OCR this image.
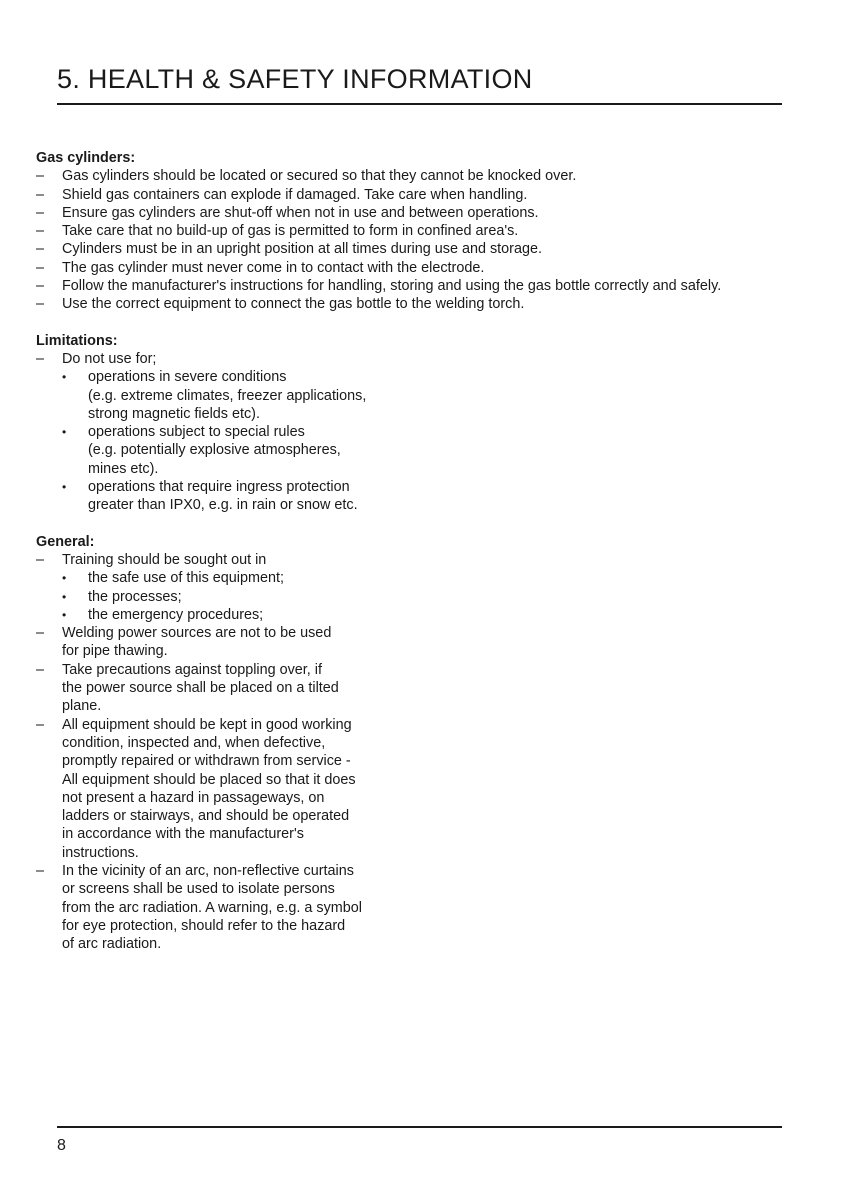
5. HEALTH & SAFETY INFORMATION

Gas cylinders:

– Gas cylinders should be located or secured so that they cannot be knocked over.
– Shield gas containers can explode if damaged. Take care when handling.
– Ensure gas cylinders are shut-off when not in use and between operations.
– Take care that no build-up of gas is permitted to form in confined area's.
– Cylinders must be in an upright position at all times during use and storage.
– The gas cylinder must never come in to contact with the electrode.
– Follow the manufacturer's instructions for handling, storing and using the gas bottle correctly and safely.
– Use the correct equipment to connect the gas bottle to the welding torch.

Limitations:

– Do not use for;
• operations in severe conditions
(e.g. extreme climates, freezer applications,
strong magnetic fields etc).
• operations subject to special rules
(e.g. potentially explosive atmospheres,
mines etc).
• operations that require ingress protection
greater than IPX0, e.g. in rain or snow etc.

General:

– Training should be sought out in
• the safe use of this equipment;
• the processes;
• the emergency procedures;
– Welding power sources are not to be used
for pipe thawing.
– Take precautions against toppling over, if
the power source shall be placed on a tilted
plane.
– All equipment should be kept in good working
condition, inspected and, when defective,
promptly repaired or withdrawn from service -
All equipment should be placed so that it does
not present a hazard in passageways, on
ladders or stairways, and should be operated
in accordance with the manufacturer's
instructions.
– In the vicinity of an arc, non-reflective curtains
or screens shall be used to isolate persons
from the arc radiation. A warning, e.g. a symbol
for eye protection, should refer to the hazard
of arc radiation.
8
